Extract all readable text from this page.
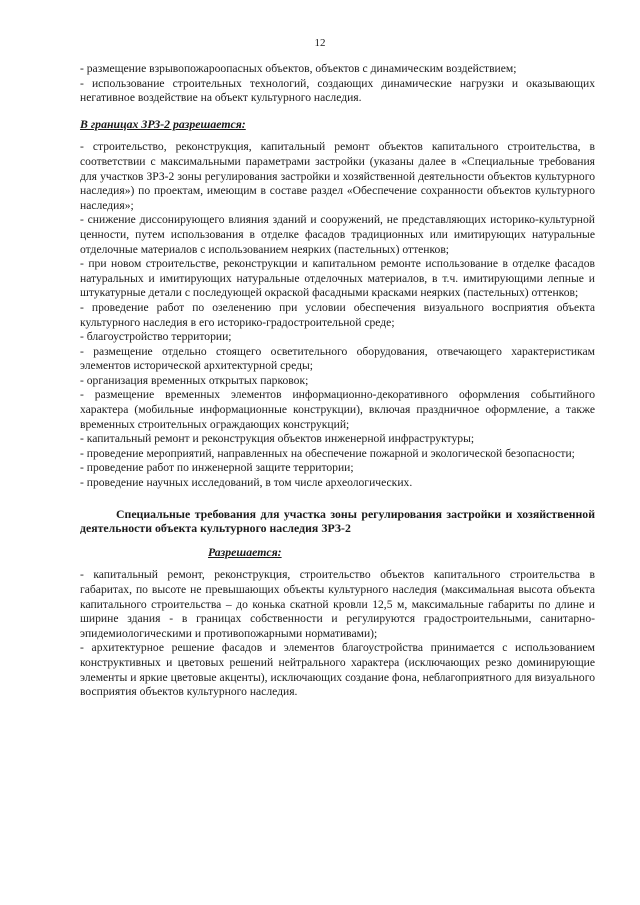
12

- размещение взрывопожароопасных объектов, объектов с динамическим воздействием;

- использование строительных технологий, создающих динамические нагрузки и оказывающих негативное воздействие на объект культурного наследия.

В границах ЗРЗ-2 разрешается:

- строительство, реконструкция, капитальный ремонт объектов капитального строительства, в соответствии с максимальными параметрами застройки (указаны далее в «Специальные требования для участков ЗРЗ-2 зоны регулирования застройки и хозяйственной деятельности объектов культурного наследия») по проектам, имеющим в составе раздел «Обеспечение сохранности объектов культурного наследия»;

- снижение диссонирующего влияния зданий и сооружений, не представляющих историко-культурной ценности, путем использования в отделке фасадов традиционных или имитирующих натуральные отделочные материалов с использованием неярких (пастельных) оттенков;

- при новом строительстве, реконструкции и капитальном ремонте использование в отделке фасадов натуральных и имитирующих натуральные отделочных материалов, в т.ч. имитирующими лепные и штукатурные детали с последующей окраской фасадными красками неярких (пастельных) оттенков;

- проведение работ по озеленению при условии обеспечения визуального восприятия объекта культурного наследия в его историко-градостроительной среде;

- благоустройство территории;

- размещение отдельно стоящего осветительного оборудования, отвечающего характеристикам элементов исторической архитектурной среды;

- организация временных открытых парковок;

- размещение временных элементов информационно-декоративного оформления событийного характера (мобильные информационные конструкции), включая праздничное оформление, а также временных строительных ограждающих конструкций;

- капитальный ремонт и реконструкция объектов инженерной инфраструктуры;

- проведение мероприятий, направленных на обеспечение пожарной и экологической безопасности;

- проведение работ по инженерной защите территории;

- проведение научных исследований, в том числе археологических.

Специальные требования для участка зоны регулирования застройки и хозяйственной деятельности объекта культурного наследия ЗРЗ-2

Разрешается:

- капитальный ремонт, реконструкция, строительство объектов капитального строительства в габаритах, по высоте не превышающих объекты культурного наследия (максимальная высота объекта капитального строительства – до конька скатной кровли 12,5 м, максимальные габариты по длине и ширине здания - в границах собственности и регулируются градостроительными, санитарно-эпидемиологическими и противопожарными нормативами);

- архитектурное решение фасадов и элементов благоустройства принимается с использованием конструктивных и цветовых решений нейтрального характера (исключающих резко доминирующие элементы и яркие цветовые акценты), исключающих создание фона, неблагоприятного для визуального восприятия объектов культурного наследия.
